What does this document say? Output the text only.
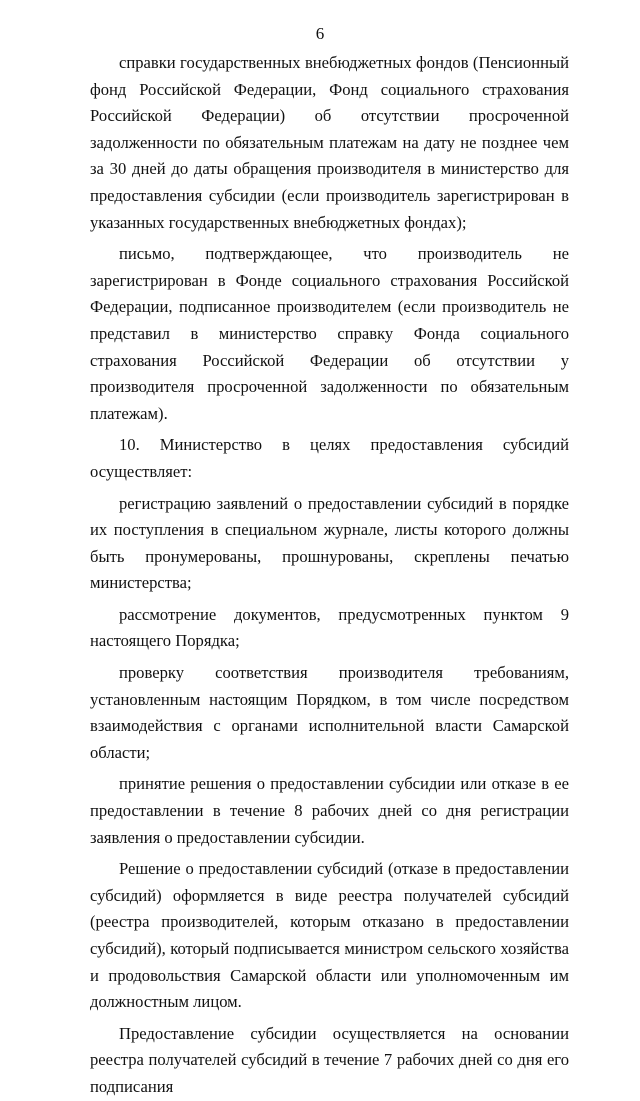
6

справки государственных внебюджетных фондов (Пенсионный фонд Российской Федерации, Фонд социального страхования Российской Федерации) об отсутствии просроченной задолженности по обязательным платежам на дату не позднее чем за 30 дней до даты обращения производителя в министерство для предоставления субсидии (если производитель зарегистрирован в указанных государственных внебюджетных фондах);

письмо, подтверждающее, что производитель не зарегистрирован в Фонде социального страхования Российской Федерации, подписанное производителем (если производитель не представил в министерство справку Фонда социального страхования Российской Федерации об отсутствии у производителя просроченной задолженности по обязательным платежам).

10. Министерство в целях предоставления субсидий осуществляет:

регистрацию заявлений о предоставлении субсидий в порядке их поступления в специальном журнале, листы которого должны быть пронумерованы, прошнурованы, скреплены печатью министерства;

рассмотрение документов, предусмотренных пунктом 9 настоящего Порядка;

проверку соответствия производителя требованиям, установленным настоящим Порядком, в том числе посредством взаимодействия с органами исполнительной власти Самарской области;

принятие решения о предоставлении субсидии или отказе в ее предоставлении в течение 8 рабочих дней со дня регистрации заявления о предоставлении субсидии.

Решение о предоставлении субсидий (отказе в предоставлении субсидий) оформляется в виде реестра получателей субсидий (реестра производителей, которым отказано в предоставлении субсидий), который подписывается министром сельского хозяйства и продовольствия Самарской области или уполномоченным им должностным лицом.

Предоставление субсидии осуществляется на основании реестра получателей субсидий в течение 7 рабочих дней со дня его подписания
